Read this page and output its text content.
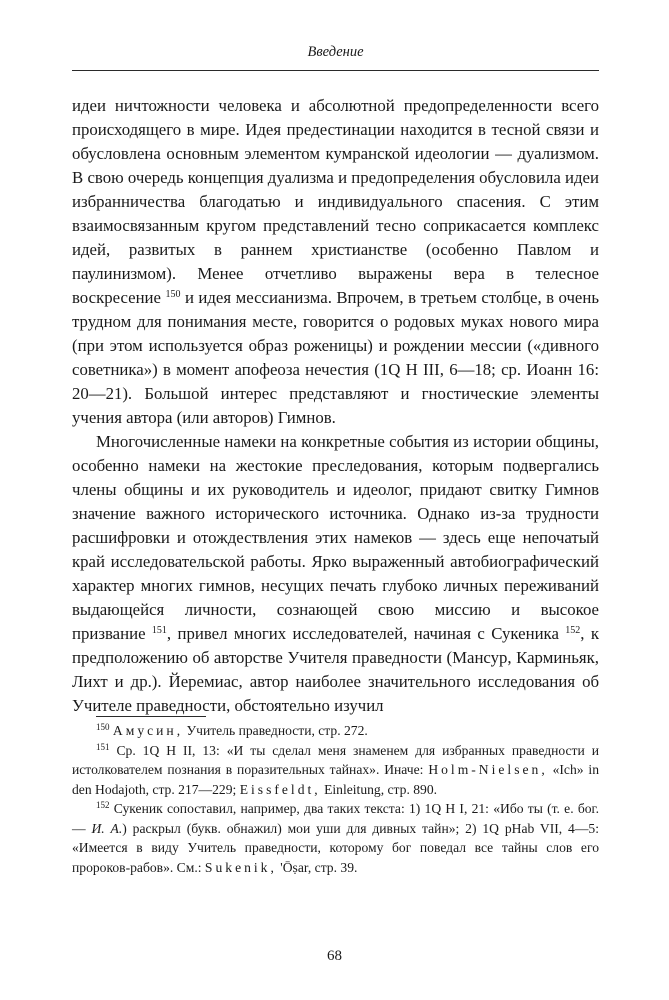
Введение

идеи ничтожности человека и абсолютной предопределенности всего происходящего в мире. Идея предестинации находится в тесной связи и обусловлена основным элементом кумранской идеологии — дуализмом. В свою очередь концепция дуализма и предопределения обусловила идеи избранничества благодатью и индивидуального спасения. С этим взаимосвязанным кругом представлений тесно соприкасается комплекс идей, развитых в раннем христианстве (особенно Павлом и паулинизмом). Менее отчетливо выражены вера в телесное воскресение $^{150}$ и идея мессианизма. Впрочем, в третьем столбце, в очень трудном для понимания месте, говорится о родовых муках нового мира (при этом используется образ роженицы) и рождении мессии («дивного советника») в момент апофеоза нечестия (1Q H III, 6—18; ср. Иоанн 16: 20—21). Большой интерес представляют и гностические элементы учения автора (или авторов) Гимнов.

Многочисленные намеки на конкретные события из истории общины, особенно намеки на жестокие преследования, которым подвергались члены общины и их руководитель и идеолог, придают свитку Гимнов значение важного исторического источника. Однако из-за трудности расшифровки и отождествления этих намеков — здесь еще непочатый край исследовательской работы. Ярко выраженный автобиографический характер многих гимнов, несущих печать глубоко личных переживаний выдающейся личности, сознающей свою миссию и высокое призвание $^{151}$, привел многих исследователей, начиная с Сукеника $^{152}$, к предположению об авторстве Учителя праведности (Мансур, Карминьяк, Лихт и др.). Йеремиас, автор наиболее значительного исследования об Учителе праведности, обстоятельно изучил

$^{150}$ Амусин, Учитель праведности, стр. 272.

$^{151}$ Ср. 1Q H II, 13: «И ты сделал меня знаменем для избранных праведности и истолкователем познания в поразительных тайнах». Иначе: Holm-Nielsen, «Ich» in den Hodajoth, стр. 217—229; Eissfeldt, Einleitung, стр. 890.

$^{152}$ Сукеник сопоставил, например, два таких текста: 1) 1Q H I, 21: «Ибо ты (т. е. бог. — И. А.) раскрыл (букв. обнажил) мои уши для дивных тайн»; 2) 1Q pHab VII, 4—5: «Имеется в виду Учитель праведности, которому бог поведал все тайны слов его пророков-рабов». См.: Sukenik, 'Ōṣar, стр. 39.

68
